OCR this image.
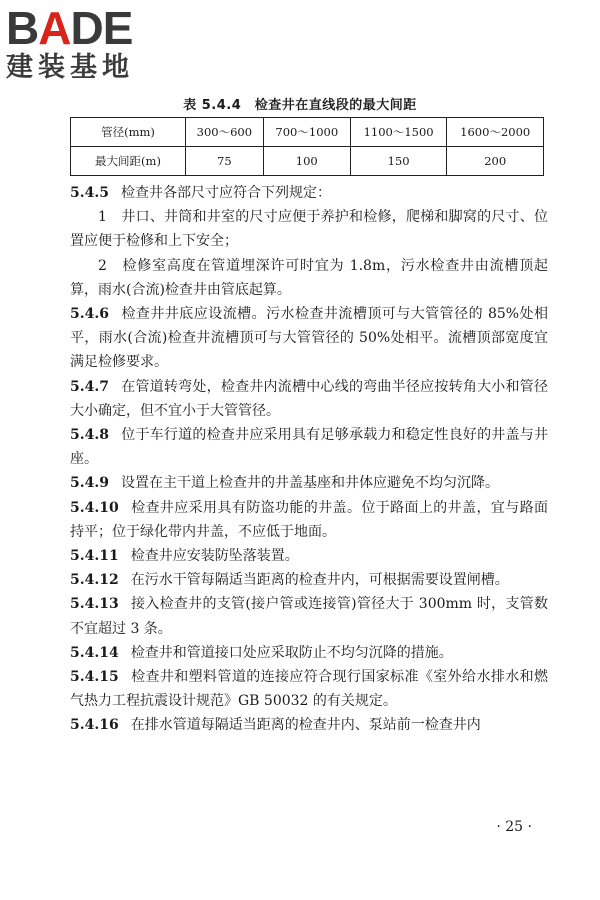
BADE
建装基地
表 5.4.4　检查井在直线段的最大间距
管径(mm)	300～600	700～1000	1100～1500	1600～2000
最大间距(m)	75	100	150	200

5.4.5 检查井各部尺寸应符合下列规定：

1　井口、井筒和井室的尺寸应便于养护和检修，爬梯和脚窝的尺寸、位置应便于检修和上下安全；

2　检修室高度在管道埋深许可时宜为 1.8m，污水检查井由流槽顶起算，雨水(合流)检查井由管底起算。

5.4.6 检查井井底应设流槽。污水检查井流槽顶可与大管管径的 85%处相平，雨水(合流)检查井流槽顶可与大管管径的 50%处相平。流槽顶部宽度宜满足检修要求。

5.4.7 在管道转弯处，检查井内流槽中心线的弯曲半径应按转角大小和管径大小确定，但不宜小于大管管径。

5.4.8 位于车行道的检查井应采用具有足够承载力和稳定性良好的井盖与井座。

5.4.9 设置在主干道上检查井的井盖基座和井体应避免不均匀沉降。

5.4.10 检查井应采用具有防盗功能的井盖。位于路面上的井盖，宜与路面持平；位于绿化带内井盖，不应低于地面。

5.4.11 检查井应安装防坠落装置。

5.4.12 在污水干管每隔适当距离的检查井内，可根据需要设置闸槽。

5.4.13 接入检查井的支管(接户管或连接管)管径大于 300mm 时，支管数不宜超过 3 条。

5.4.14 检查井和管道接口处应采取防止不均匀沉降的措施。

5.4.15 检查井和塑料管道的连接应符合现行国家标准《室外给水排水和燃气热力工程抗震设计规范》GB 50032 的有关规定。

5.4.16 在排水管道每隔适当距离的检查井内、泵站前一检查井内

· 25 ·
